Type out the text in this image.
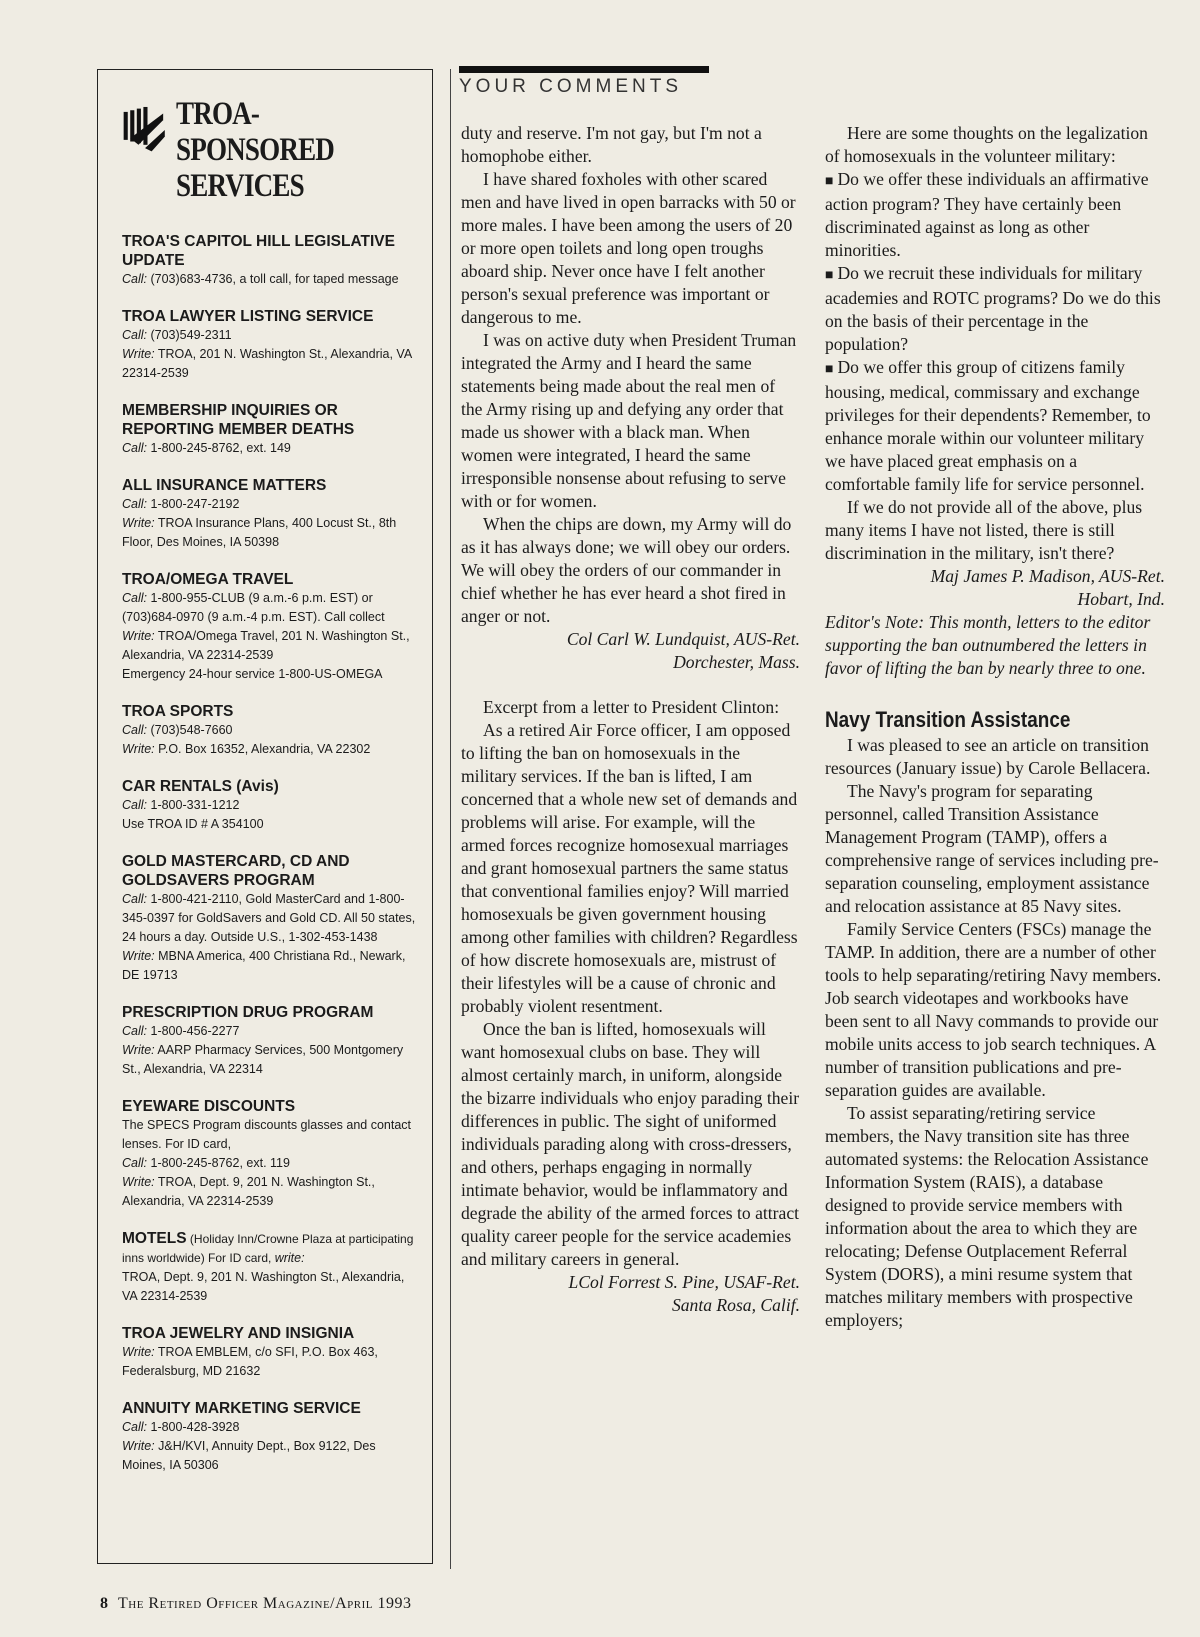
TROA-SPONSORED
SERVICES
TROA'S CAPITOL HILL LEGISLATIVE UPDATE
Call: (703)683-4736, a toll call, for taped message
TROA LAWYER LISTING SERVICE
Call: (703)549-2311
Write: TROA, 201 N. Washington St., Alexandria, VA 22314-2539
MEMBERSHIP INQUIRIES OR REPORTING MEMBER DEATHS
Call: 1-800-245-8762, ext. 149
ALL INSURANCE MATTERS
Call: 1-800-247-2192
Write: TROA Insurance Plans, 400 Locust St., 8th Floor, Des Moines, IA 50398
TROA/OMEGA TRAVEL
Call: 1-800-955-CLUB (9 a.m.-6 p.m. EST) or (703)684-0970 (9 a.m.-4 p.m. EST). Call collect
Write: TROA/Omega Travel, 201 N. Washington St., Alexandria, VA 22314-2539
Emergency 24-hour service 1-800-US-OMEGA
TROA SPORTS
Call: (703)548-7660
Write: P.O. Box 16352, Alexandria, VA 22302
CAR RENTALS (Avis)
Call: 1-800-331-1212
Use TROA ID # A 354100
GOLD MASTERCARD, CD AND GOLDSAVERS PROGRAM
Call: 1-800-421-2110, Gold MasterCard and 1-800-345-0397 for GoldSavers and Gold CD. All 50 states, 24 hours a day. Outside U.S., 1-302-453-1438
Write: MBNA America, 400 Christiana Rd., Newark, DE 19713
PRESCRIPTION DRUG PROGRAM
Call: 1-800-456-2277
Write: AARP Pharmacy Services, 500 Montgomery St., Alexandria, VA 22314
EYEWARE DISCOUNTS
The SPECS Program discounts glasses and contact lenses. For ID card,
Call: 1-800-245-8762, ext. 119
Write: TROA, Dept. 9, 201 N. Washington St., Alexandria, VA 22314-2539
MOTELS (Holiday Inn/Crowne Plaza at participating inns worldwide) For ID card, write:
TROA, Dept. 9, 201 N. Washington St., Alexandria, VA 22314-2539
TROA JEWELRY AND INSIGNIA
Write: TROA EMBLEM, c/o SFI, P.O. Box 463, Federalsburg, MD 21632
ANNUITY MARKETING SERVICE
Call: 1-800-428-3928
Write: J&H/KVI, Annuity Dept., Box 9122, Des Moines, IA 50306
YOUR COMMENTS

duty and reserve. I'm not gay, but I'm not a homophobe either.

I have shared foxholes with other scared men and have lived in open barracks with 50 or more males. I have been among the users of 20 or more open toilets and long open troughs aboard ship. Never once have I felt another person's sexual preference was important or dangerous to me.

I was on active duty when President Truman integrated the Army and I heard the same statements being made about the real men of the Army rising up and defying any order that made us shower with a black man. When women were integrated, I heard the same irresponsible nonsense about refusing to serve with or for women.

When the chips are down, my Army will do as it has always done; we will obey our orders. We will obey the orders of our commander in chief whether he has ever heard a shot fired in anger or not.

Col Carl W. Lundquist, AUS-Ret.

Dorchester, Mass.

Excerpt from a letter to President Clinton:

As a retired Air Force officer, I am opposed to lifting the ban on homosexuals in the military services. If the ban is lifted, I am concerned that a whole new set of demands and problems will arise. For example, will the armed forces recognize homosexual marriages and grant homosexual partners the same status that conventional families enjoy? Will married homosexuals be given government housing among other families with children? Regardless of how discrete homosexuals are, mistrust of their lifestyles will be a cause of chronic and probably violent resentment.

Once the ban is lifted, homosexuals will want homosexual clubs on base. They will almost certainly march, in uniform, alongside the bizarre individuals who enjoy parading their differences in public. The sight of uniformed individuals parading along with cross-dressers, and others, perhaps engaging in normally intimate behavior, would be inflammatory and degrade the ability of the armed forces to attract quality career people for the service academies and military careers in general.

LCol Forrest S. Pine, USAF-Ret.

Santa Rosa, Calif.

Here are some thoughts on the legalization of homosexuals in the volunteer military:

■ Do we offer these individuals an affirmative action program? They have certainly been discriminated against as long as other minorities.

■ Do we recruit these individuals for military academies and ROTC programs? Do we do this on the basis of their percentage in the population?

■ Do we offer this group of citizens family housing, medical, commissary and exchange privileges for their dependents? Remember, to enhance morale within our volunteer military we have placed great emphasis on a comfortable family life for service personnel.

If we do not provide all of the above, plus many items I have not listed, there is still discrimination in the military, isn't there?

Maj James P. Madison, AUS-Ret.

Hobart, Ind.

Editor's Note: This month, letters to the editor supporting the ban outnumbered the letters in favor of lifting the ban by nearly three to one.

Navy Transition Assistance

I was pleased to see an article on transition resources (January issue) by Carole Bellacera.

The Navy's program for separating personnel, called Transition Assistance Management Program (TAMP), offers a comprehensive range of services including pre-separation counseling, employment assistance and relocation assistance at 85 Navy sites.

Family Service Centers (FSCs) manage the TAMP. In addition, there are a number of other tools to help separating/retiring Navy members. Job search videotapes and workbooks have been sent to all Navy commands to provide our mobile units access to job search techniques. A number of transition publications and pre-separation guides are available.

To assist separating/retiring service members, the Navy transition site has three automated systems: the Relocation Assistance Information System (RAIS), a database designed to provide service members with information about the area to which they are relocating; Defense Outplacement Referral System (DORS), a mini resume system that matches military members with prospective employers;

8 The Retired Officer Magazine/April 1993
